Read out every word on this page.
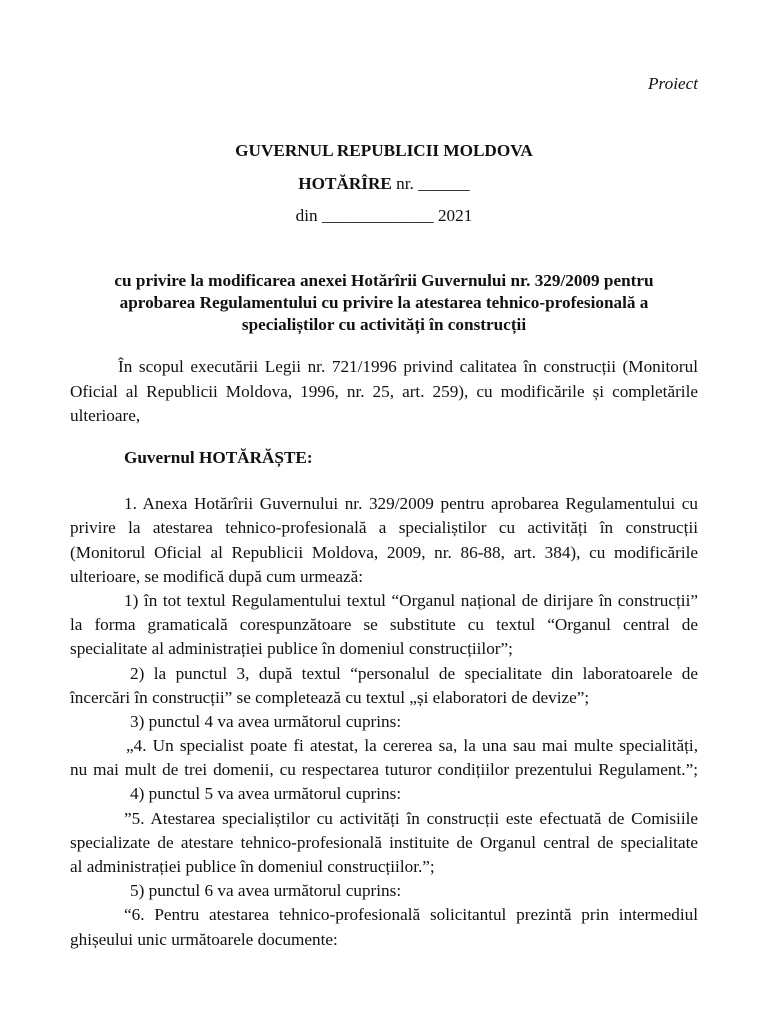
Proiect
GUVERNUL REPUBLICII MOLDOVA
HOTĂRÎRE nr. ______
din _____________ 2021
cu privire la modificarea anexei Hotărîrii Guvernului nr. 329/2009 pentru
aprobarea Regulamentului cu privire la atestarea tehnico-profesională a
specialiștilor cu activități în construcții
În scopul executării Legii nr. 721/1996 privind calitatea în construcții (Monitorul
Oficial al Republicii Moldova, 1996, nr. 25, art. 259), cu modificările și completările
ulterioare,
Guvernul HOTĂRĂȘTE:
1. Anexa Hotărîrii Guvernului nr. 329/2009 pentru aprobarea Regulamentului cu
privire la atestarea tehnico-profesională a specialiștilor cu activități în construcții
(Monitorul Oficial al Republicii Moldova, 2009, nr. 86-88, art. 384), cu modificările
ulterioare, se modifică după cum urmează:
1) în tot textul Regulamentului textul “Organul național de dirijare în construcții”
la forma gramaticală corespunzătoare se substitute cu textul “Organul central de
specialitate al administrației publice în domeniul construcțiilor”;
2) la punctul 3, după textul “personalul de specialitate din laboratoarele de
încercări în construcții” se completează cu textul „și elaboratori de devize”;
3) punctul 4 va avea următorul cuprins:
„4. Un specialist poate fi atestat, la cererea sa, la una sau mai multe specialități,
nu mai mult de trei domenii, cu respectarea tuturor condițiilor prezentului Regulament.”;
4) punctul 5 va avea următorul cuprins:
”5. Atestarea specialiștilor cu activități în construcții este efectuată de Comisiile
specializate de atestare tehnico-profesională instituite de Organul central de specialitate
al administrației publice în domeniul construcțiilor.”;
5) punctul 6 va avea următorul cuprins:
“6. Pentru atestarea tehnico-profesională solicitantul prezintă prin intermediul
ghișeului unic următoarele documente:
